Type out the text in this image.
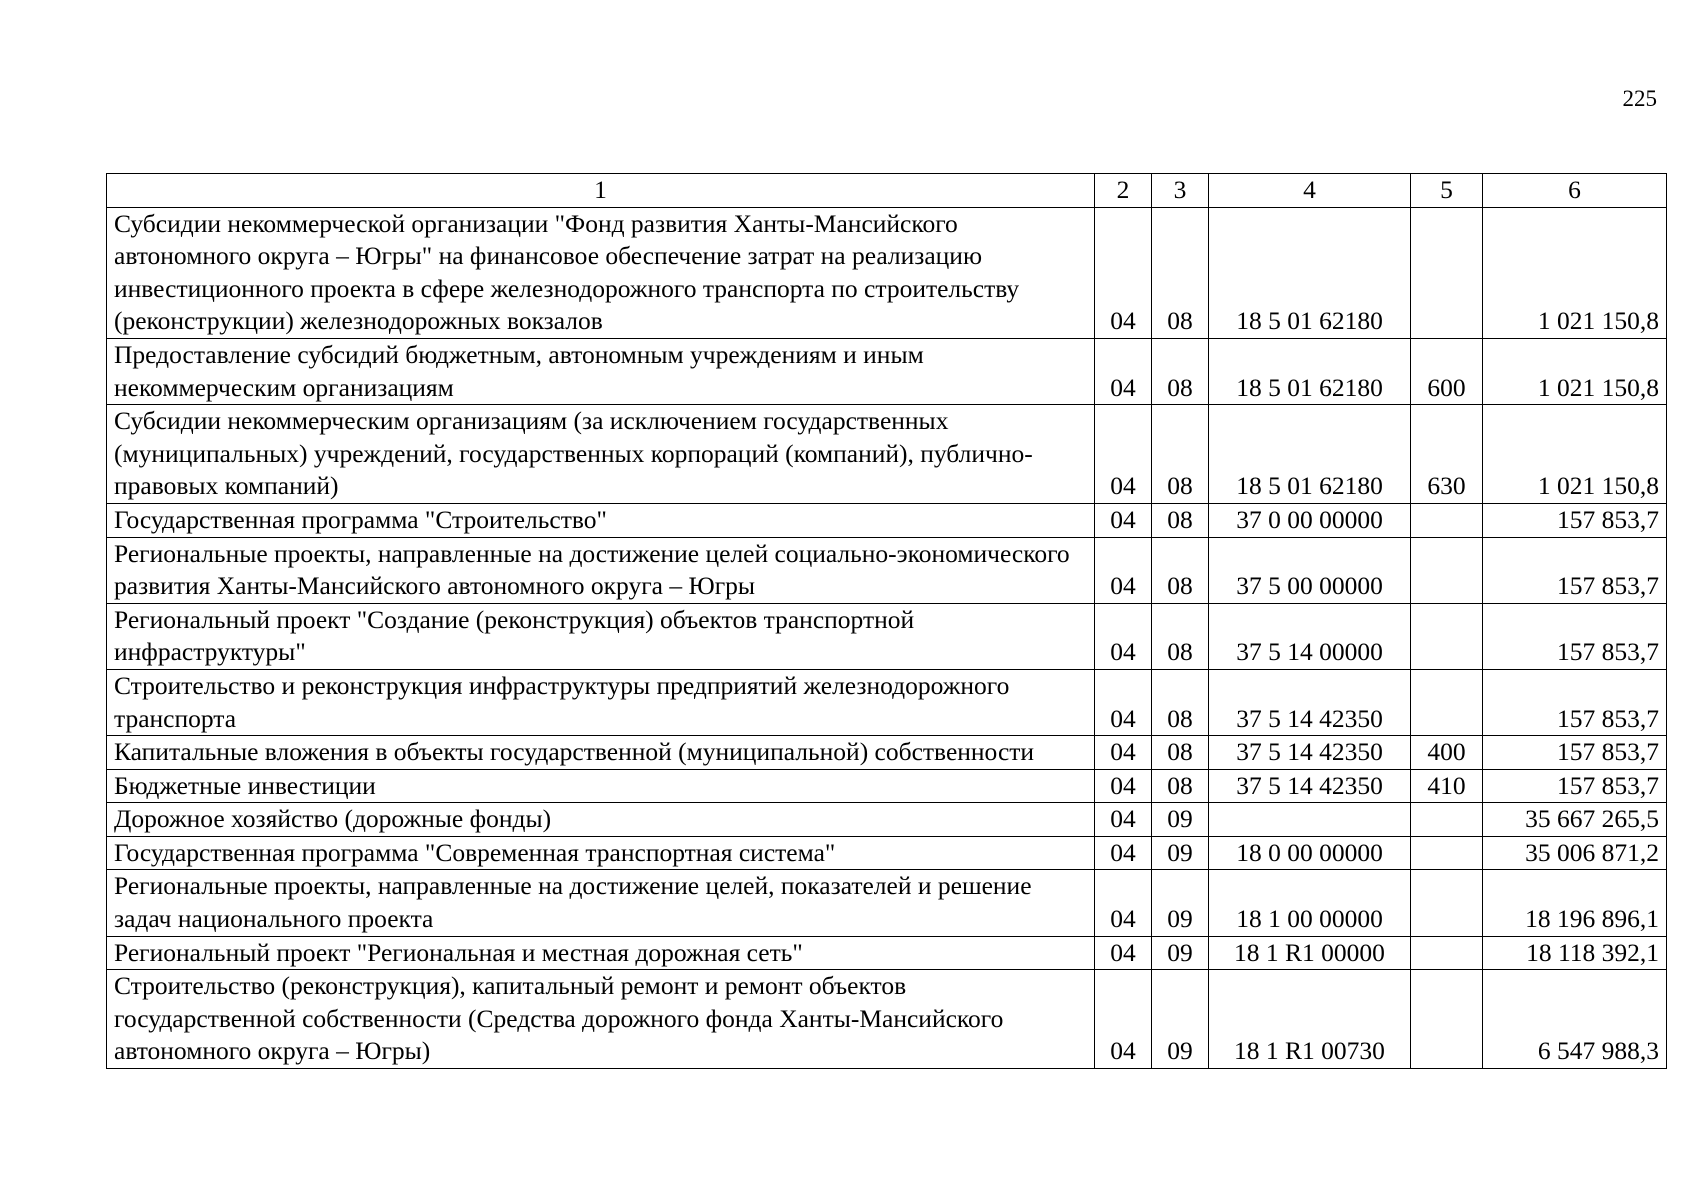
225
1	2	3	4	5	6
Субсидии некоммерческой организации "Фонд развития Ханты-Мансийского автономного округа – Югры" на финансовое обеспечение затрат на реализацию инвестиционного проекта в сфере железнодорожного транспорта по строительству (реконструкции) железнодорожных вокзалов	04	08	18 5 01 62180		1 021 150,8
Предоставление субсидий бюджетным, автономным учреждениям и иным некоммерческим организациям	04	08	18 5 01 62180	600	1 021 150,8
Субсидии некоммерческим организациям (за исключением государственных (муниципальных) учреждений, государственных корпораций (компаний), публично-правовых компаний)	04	08	18 5 01 62180	630	1 021 150,8
Государственная программа "Строительство"	04	08	37 0 00 00000		157 853,7
Региональные проекты, направленные на достижение целей социально-экономического развития Ханты-Мансийского автономного округа – Югры	04	08	37 5 00 00000		157 853,7
Региональный проект "Создание (реконструкция) объектов транспортной инфраструктуры"	04	08	37 5 14 00000		157 853,7
Строительство и реконструкция инфраструктуры предприятий железнодорожного транспорта	04	08	37 5 14 42350		157 853,7
Капитальные вложения в объекты государственной (муниципальной) собственности	04	08	37 5 14 42350	400	157 853,7
Бюджетные инвестиции	04	08	37 5 14 42350	410	157 853,7
Дорожное хозяйство (дорожные фонды)	04	09			35 667 265,5
Государственная программа "Современная транспортная система"	04	09	18 0 00 00000		35 006 871,2
Региональные проекты, направленные на достижение целей, показателей и решение задач национального проекта	04	09	18 1 00 00000		18 196 896,1
Региональный проект "Региональная и местная дорожная сеть"	04	09	18 1 R1 00000		18 118 392,1
Строительство (реконструкция), капитальный ремонт и ремонт объектов государственной собственности (Средства дорожного фонда Ханты-Мансийского автономного округа – Югры)	04	09	18 1 R1 00730		6 547 988,3
